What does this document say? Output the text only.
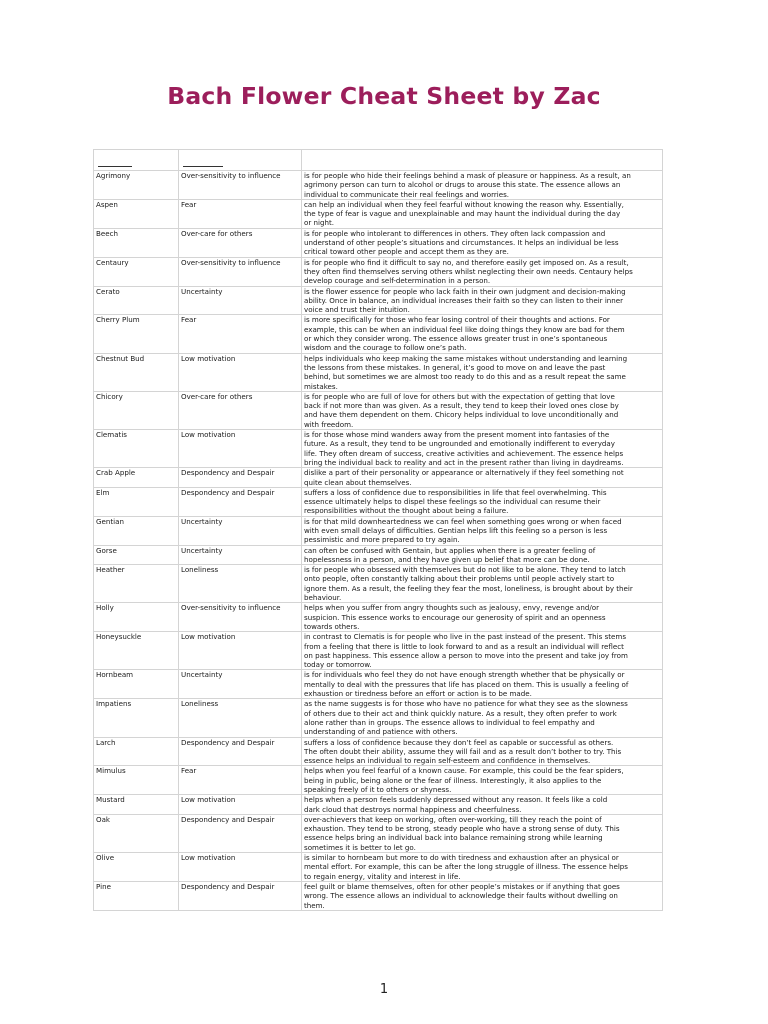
Bach Flower Cheat Sheet by Zac

Agrimony	Over-sensitivity to influence	is for people who hide their feelings behind a mask of pleasure or happiness. As a result, an
agrimony person can turn to alcohol or drugs to arouse this state. The essence allows an
individual to communicate their real feelings and worries.

Aspen	Fear	can help an individual when they feel fearful without knowing the reason why. Essentially,
the type of fear is vague and unexplainable and may haunt the individual during the day
or night.

Beech	Over-care for others	is for people who intolerant to differences in others. They often lack compassion and
understand of other people’s situations and circumstances. It helps an individual be less
critical toward other people and accept them as they are.

Centaury	Over-sensitivity to influence	is for people who find it difficult to say no, and therefore easily get imposed on. As a result,
they often find themselves serving others whilst neglecting their own needs. Centaury helps
develop courage and self-determination in a person.

Cerato	Uncertainty	is the flower essence for people who lack faith in their own judgment and decision-making
ability. Once in balance, an individual increases their faith so they can listen to their inner
voice and trust their intuition.

Cherry Plum	Fear	is more specifically for those who fear losing control of their thoughts and actions. For
example, this can be when an individual feel like doing things they know are bad for them
or which they consider wrong. The essence allows greater trust in one’s spontaneous
wisdom and the courage to follow one’s path.

Chestnut Bud	Low motivation	helps individuals who keep making the same mistakes without understanding and learning
the lessons from these mistakes. In general, it’s good to move on and leave the past
behind, but sometimes we are almost too ready to do this and as a result repeat the same
mistakes.

Chicory	Over-care for others	is for people who are full of love for others but with the expectation of getting that love
back if not more than was given. As a result, they tend to keep their loved ones close by
and have them dependent on them. Chicory helps individual to love unconditionally and
with freedom.

Clematis	Low motivation	is for those whose mind wanders away from the present moment into fantasies of the
future. As a result, they tend to be ungrounded and emotionally indifferent to everyday
life. They often dream of success, creative activities and achievement. The essence helps
bring the individual back to reality and act in the present rather than living in daydreams.

Crab Apple	Despondency and Despair	dislike a part of their personality or appearance or alternatively if they feel something not
quite clean about themselves.

Elm	Despondency and Despair	suffers a loss of confidence due to responsibilities in life that feel overwhelming. This
essence ultimately helps to dispel these feelings so the individual can resume their
responsibilities without the thought about being a failure.

Gentian	Uncertainty	is for that mild downheartedness we can feel when something goes wrong or when faced
with even small delays of difficulties. Gentian helps lift this feeling so a person is less
pessimistic and more prepared to try again.

Gorse	Uncertainty	can often be confused with Gentain, but applies when there is a greater feeling of
hopelessness in a person, and they have given up belief that more can be done.

Heather	Loneliness	is for people who obsessed with themselves but do not like to be alone. They tend to latch
onto people, often constantly talking about their problems until people actively start to
ignore them. As a result, the feeling they fear the most, loneliness, is brought about by their
behaviour.

Holly	Over-sensitivity to influence	helps when you suffer from angry thoughts such as jealousy, envy, revenge and/or
suspicion. This essence works to encourage our generosity of spirit and an openness
towards others.

Honeysuckle	Low motivation	in contrast to Clematis is for people who live in the past instead of the present. This stems
from a feeling that there is little to look forward to and as a result an individual will reflect
on past happiness. This essence allow a person to move into the present and take joy from
today or tomorrow.

Hornbeam	Uncertainty	is for individuals who feel they do not have enough strength whether that be physically or
mentally to deal with the pressures that life has placed on them. This is usually a feeling of
exhaustion or tiredness before an effort or action is to be made.

Impatiens	Loneliness	as the name suggests is for those who have no patience for what they see as the slowness
of others due to their act and think quickly nature. As a result, they often prefer to work
alone rather than in groups. The essence allows to individual to feel empathy and
understanding of and patience with others.

Larch	Despondency and Despair	suffers a loss of confidence because they don’t feel as capable or successful as others.
The often doubt their ability, assume they will fail and as a result don’t bother to try. This
essence helps an individual to regain self-esteem and confidence in themselves.

Mimulus	Fear	helps when you feel fearful of a known cause. For example, this could be the fear spiders,
being in public, being alone or the fear of illness. Interestingly, it also applies to the
speaking freely of it to others or shyness.

Mustard	Low motivation	helps when a person feels suddenly depressed without any reason. It feels like a cold
dark cloud that destroys normal happiness and cheerfulness.

Oak	Despondency and Despair	over-achievers that keep on working, often over-working, till they reach the point of
exhaustion. They tend to be strong, steady people who have a strong sense of duty. This
essence helps bring an individual back into balance remaining strong while learning
sometimes it is better to let go.

Olive	Low motivation	is similar to hornbeam but more to do with tiredness and exhaustion after an physical or
mental effort. For example, this can be after the long struggle of illness. The essence helps
to regain energy, vitality and interest in life.

Pine	Despondency and Despair	feel guilt or blame themselves, often for other people’s mistakes or if anything that goes
wrong. The essence allows an individual to acknowledge their faults without dwelling on
them.
1
